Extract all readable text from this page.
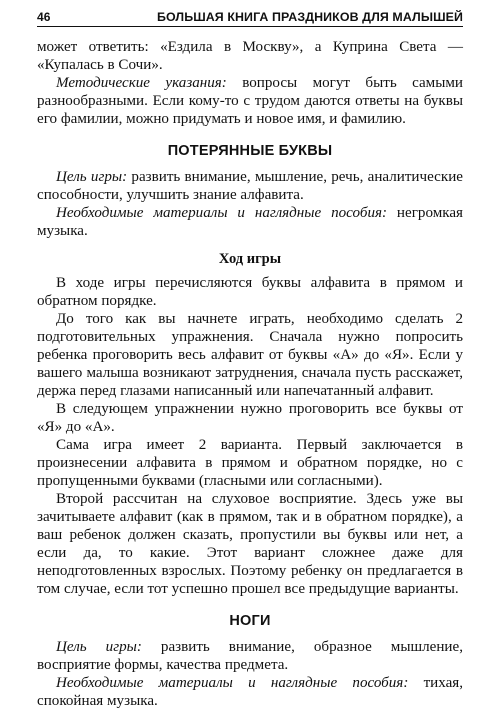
46	БОЛЬШАЯ КНИГА ПРАЗДНИКОВ ДЛЯ МАЛЫШЕЙ

может ответить: «Ездила в Москву», а Куприна Света — «Купалась в Сочи».

Методические указания: вопросы могут быть самыми разнообразными. Если кому-то с трудом даются ответы на буквы его фамилии, можно придумать и новое имя, и фамилию.

ПОТЕРЯННЫЕ БУКВЫ

Цель игры: развить внимание, мышление, речь, аналитические способности, улучшить знание алфавита.

Необходимые материалы и наглядные пособия: негромкая музыка.

Ход игры

В ходе игры перечисляются буквы алфавита в прямом и обратном порядке.

До того как вы начнете играть, необходимо сделать 2 подготовительных упражнения. Сначала нужно попросить ребенка проговорить весь алфавит от буквы «А» до «Я». Если у вашего малыша возникают затруднения, сначала пусть расскажет, держа перед глазами написанный или напечатанный алфавит.

В следующем упражнении нужно проговорить все буквы от «Я» до «А».

Сама игра имеет 2 варианта. Первый заключается в произнесении алфавита в прямом и обратном порядке, но с пропущенными буквами (гласными или согласными).

Второй рассчитан на слуховое восприятие. Здесь уже вы зачитываете алфавит (как в прямом, так и в обратном порядке), а ваш ребенок должен сказать, пропустили вы буквы или нет, а если да, то какие. Этот вариант сложнее даже для неподготовленных взрослых. Поэтому ребенку он предлагается в том случае, если тот успешно прошел все предыдущие варианты.

НОГИ

Цель игры: развить внимание, образное мышление, восприятие формы, качества предмета.

Необходимые материалы и наглядные пособия: тихая, спокойная музыка.
